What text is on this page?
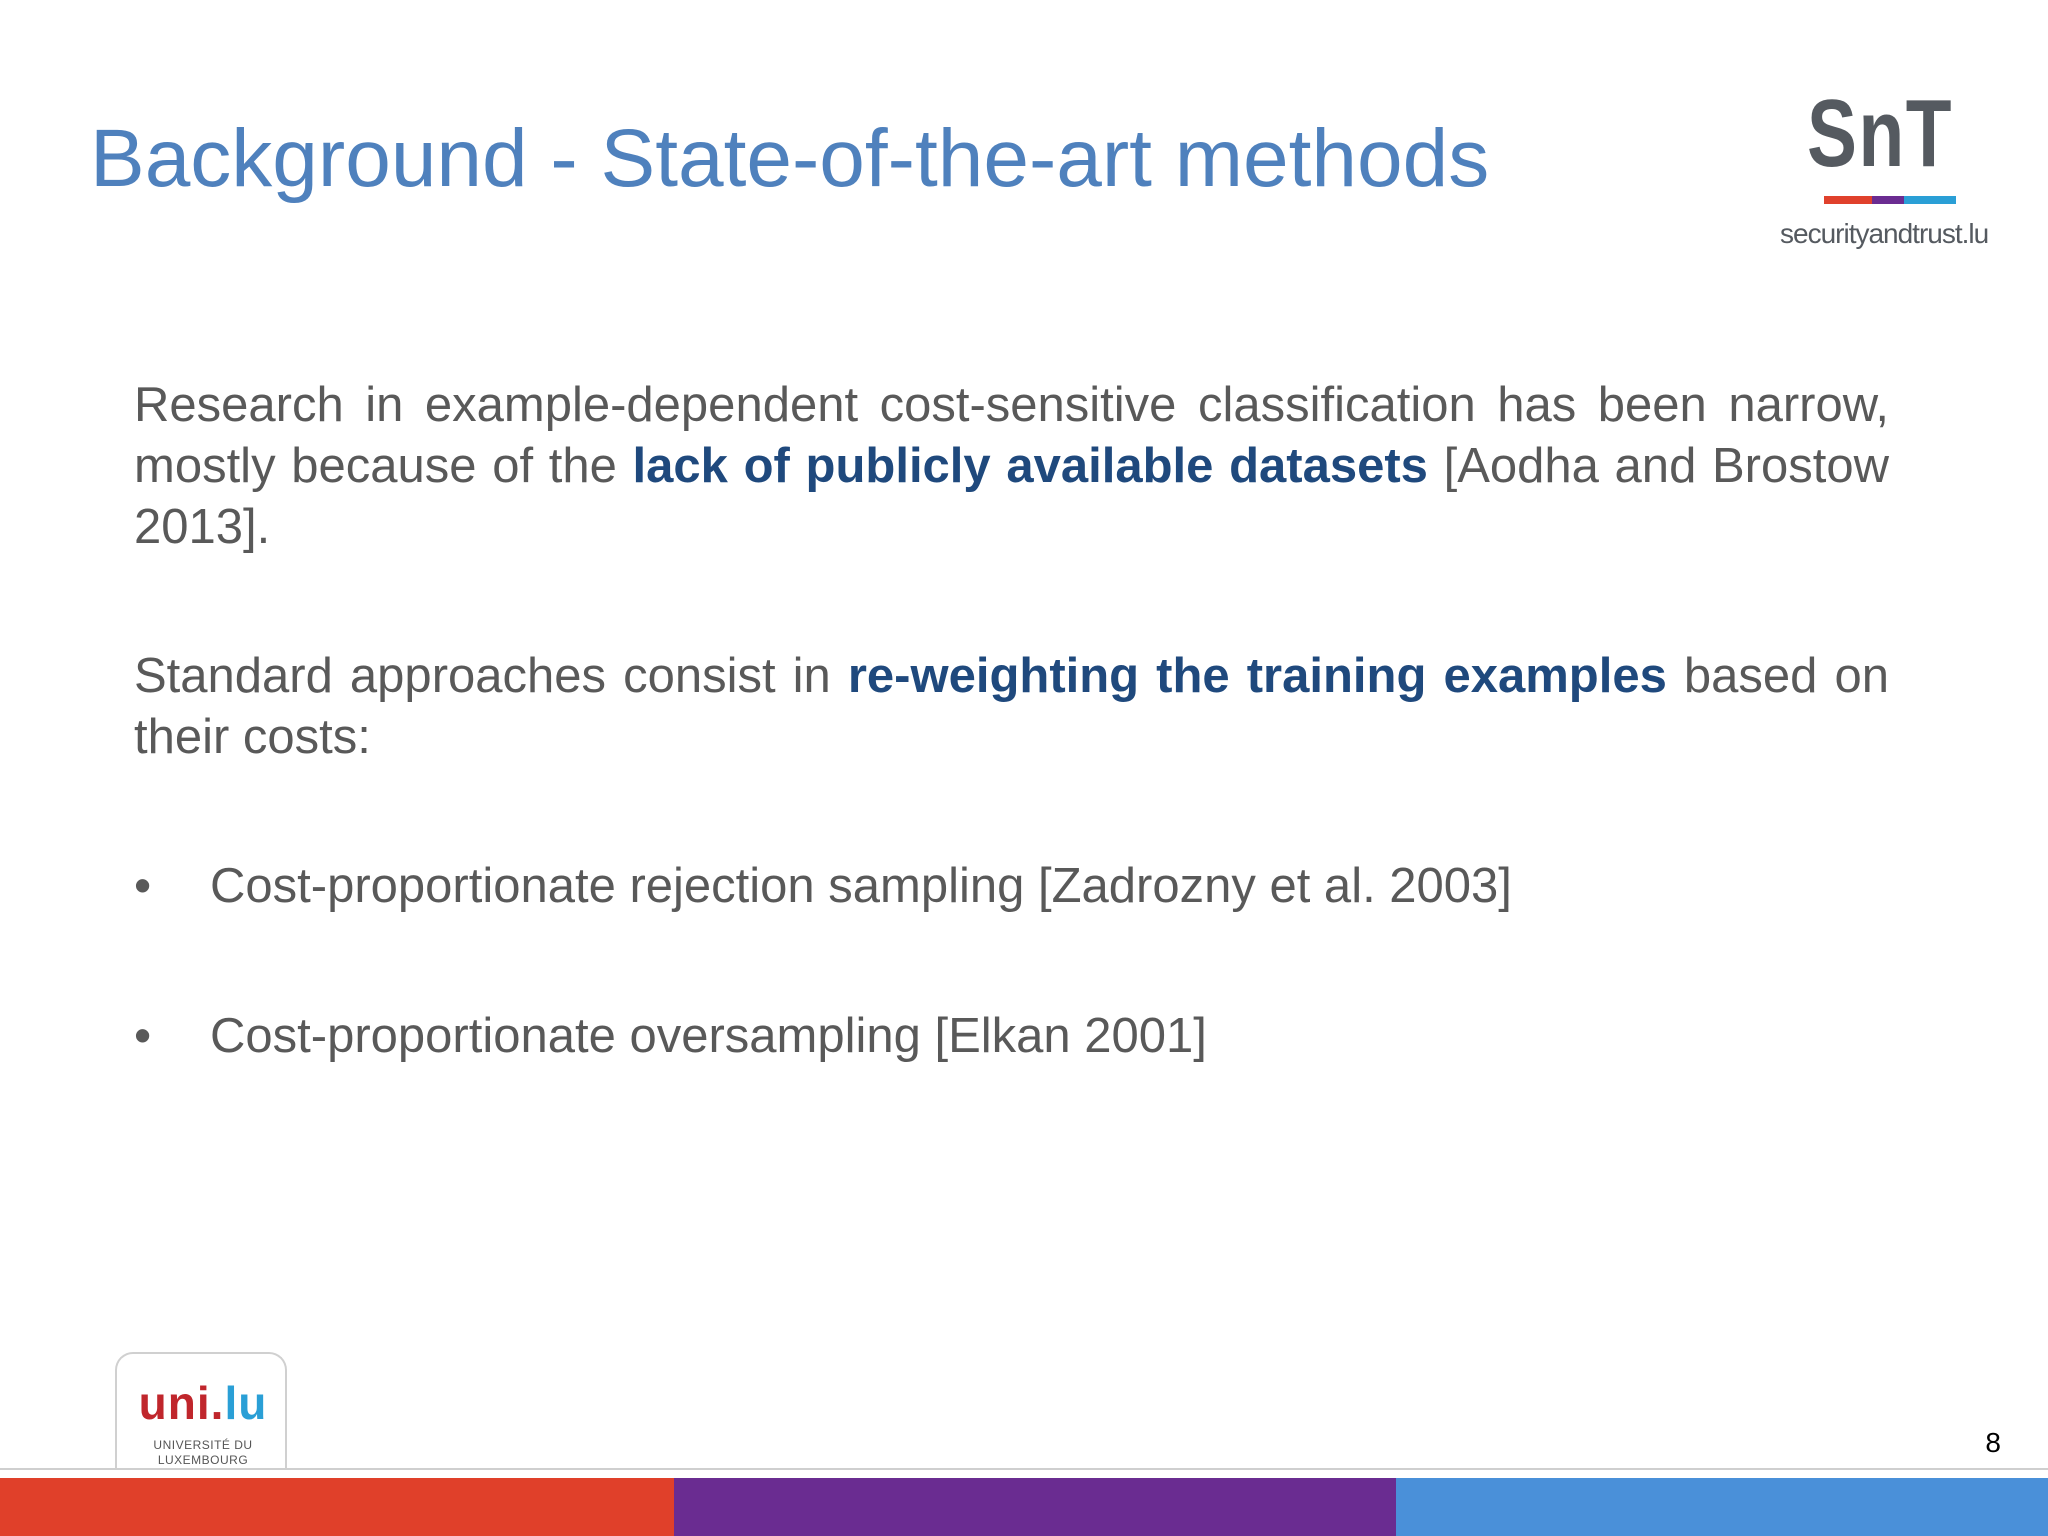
Background - State-of-the-art methods	SnT
securityandtrust.lu

Research in example-dependent cost-sensitive classification has been narrow, mostly because of the lack of publicly available datasets [Aodha and Brostow 2013].

Standard approaches consist in re-weighting the training examples based on their costs:

• Cost-proportionate rejection sampling [Zadrozny et al. 2003]
• Cost-proportionate oversampling [Elkan 2001]
uni.lu
UNIVERSITÉ DU
LUXEMBOURG
8
